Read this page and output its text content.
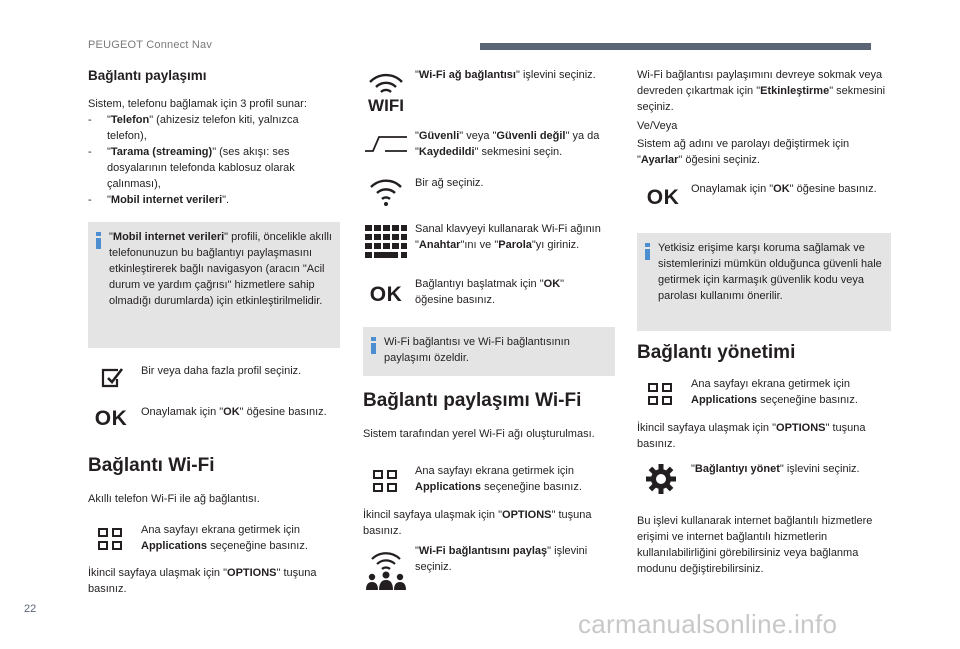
PEUGEOT Connect Nav
22	carmanualsonline.info
Bağlantı paylaşımı

Sistem, telefonu bağlamak için 3 profil sunar:

- "Telefon" (ahizesiz telefon kiti, yalnızca telefon),
- "Tarama (streaming)" (ses akışı: ses dosyalarının telefonda kablosuz olarak çalınması),
- "Mobil internet verileri".

"Mobil internet verileri" profili, öncelikle akıllı telefonunuzun bu bağlantıyı paylaşmasını etkinleştirerek bağlı navigasyon (aracın "Acil durum ve yardım çağrısı" hizmetlere sahip olmadığı durumlarda) için etkinleştirilmelidir.

Bir veya daha fazla profil seçiniz.

OK Onaylamak için "OK" öğesine basınız.

Bağlantı Wi-Fi

Akıllı telefon Wi-Fi ile ağ bağlantısı.

Ana sayfayı ekrana getirmek için Applications seçeneğine basınız.

İkincil sayfaya ulaşmak için "OPTIONS" tuşuna basınız.

WIFI

"Wi-Fi ağ bağlantısı" işlevini seçiniz.

"Güvenli" veya "Güvenli değil" ya da "Kaydedildi" sekmesini seçin.

Bir ağ seçiniz.

Sanal klavyeyi kullanarak Wi-Fi ağının "Anahtar"ını ve "Parola"yı giriniz.

OK	Bağlantıyı başlatmak için "OK" öğesine basınız.

Wi-Fi bağlantısı ve Wi-Fi bağlantısının paylaşımı özeldir.

Bağlantı paylaşımı Wi-Fi

Sistem tarafından yerel Wi-Fi ağı oluşturulması.

Ana sayfayı ekrana getirmek için Applications seçeneğine basınız.

İkincil sayfaya ulaşmak için "OPTIONS" tuşuna basınız.

"Wi-Fi bağlantısını paylaş" işlevini seçiniz.

Wi-Fi bağlantısı paylaşımını devreye sokmak veya devreden çıkartmak için "Etkinleştirme" sekmesini seçiniz.

Ve/Veya

Sistem ağ adını ve parolayı değiştirmek için "Ayarlar" öğesini seçiniz.

OK	Onaylamak için "OK" öğesine basınız.

Yetkisiz erişime karşı koruma sağlamak ve sistemlerinizi mümkün olduğunca güvenli hale getirmek için karmaşık güvenlik kodu veya parolası kullanımı önerilir.

Bağlantı yönetimi

Ana sayfayı ekrana getirmek için Applications seçeneğine basınız.

İkincil sayfaya ulaşmak için "OPTIONS" tuşuna basınız.

"Bağlantıyı yönet" işlevini seçiniz.

Bu işlevi kullanarak internet bağlantılı hizmetlere erişimi ve internet bağlantılı hizmetlerin kullanılabilirliğini görebilirsiniz veya bağlanma modunu değiştirebilirsiniz.
